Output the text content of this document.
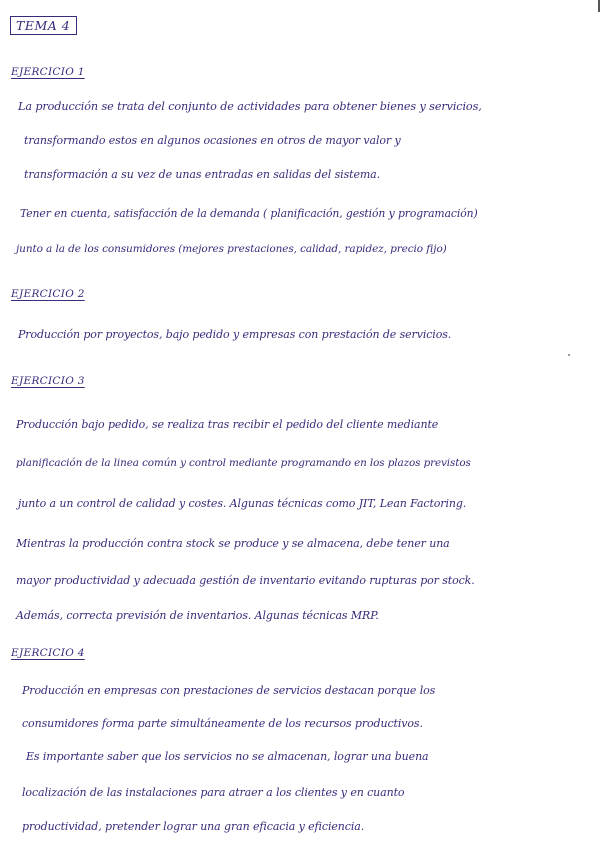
TEMA 4
EJERCICIO 1
La producción se trata del conjunto de actividades para obtener bienes y servicios,
transformando estos en algunos ocasiones en otros de mayor valor y
transformación a su vez de unas entradas en salidas del sistema.
Tener en cuenta, satisfacción de la demanda ( planificación, gestión y programación)
junto a la de los consumidores (mejores prestaciones, calidad, rapidez, precio fijo)
EJERCICIO 2
Producción por proyectos, bajo pedido y empresas con prestación de servicios.
EJERCICIO 3
Producción bajo pedido, se realiza tras recibir el pedido del cliente mediante
planificación de la linea común y control mediante programando en los plazos previstos
junto a un control de calidad y costes. Algunas técnicas como JIT, Lean Factoring.
Mientras la producción contra stock se produce y se almacena, debe tener una
mayor productividad y adecuada gestión de inventario evitando rupturas por stock.
Además, correcta previsión de inventarios. Algunas técnicas MRP.
EJERCICIO 4
Producción en empresas con prestaciones de servicios destacan porque los
consumidores forma parte simultáneamente de los recursos productivos.
Es importante saber que los servicios no se almacenan, lograr una buena
localización de las instalaciones para atraer a los clientes y en cuanto
productividad, pretender lograr una gran eficacia y eficiencia.
